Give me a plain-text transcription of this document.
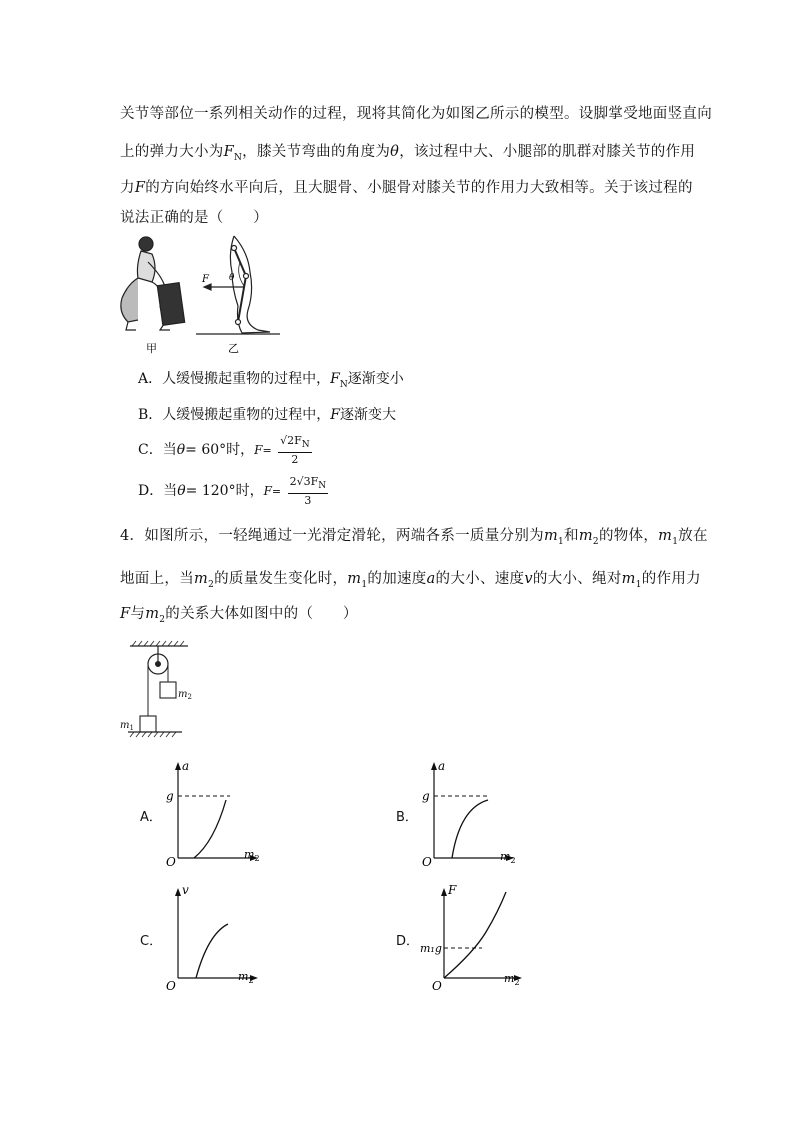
关节等部位一系列相关动作的过程，现将其简化为如图乙所示的模型。设脚掌受地面竖直向
上的弹力大小为$F_N$，膝关节弯曲的角度为θ，该过程中大、小腿部的肌群对膝关节的作用
力F的方向始终水平向后，且大腿骨、小腿骨对膝关节的作用力大致相等。关于该过程的
说法正确的是（　　）
F θ
甲	乙
A．人缓慢搬起重物的过程中，$F_N$逐渐变小
B．人缓慢搬起重物的过程中，F逐渐变大
C．当θ= 60°时，$F= \frac{√2F_N}{2}$
D．当θ= 120°时，$F= \frac{2√3F_N}{3}$
4．如图所示，一轻绳通过一光滑定滑轮，两端各系一质量分别为$m_1$和$m_2$的物体，$m_1$放在
地面上，当$m_2$的质量发生变化时，$m_1$的加速度a的大小、速度v的大小、绳对$m_1$的作用力
F与$m_2$的关系大体如图中的（　　）
$m_2$
$m_1$
A．
a
g
O
$m_2$
B．
a
g
O	$m_2$
C．
v
O
$m_2$
D．
F
m₁g
O
$m_2$
